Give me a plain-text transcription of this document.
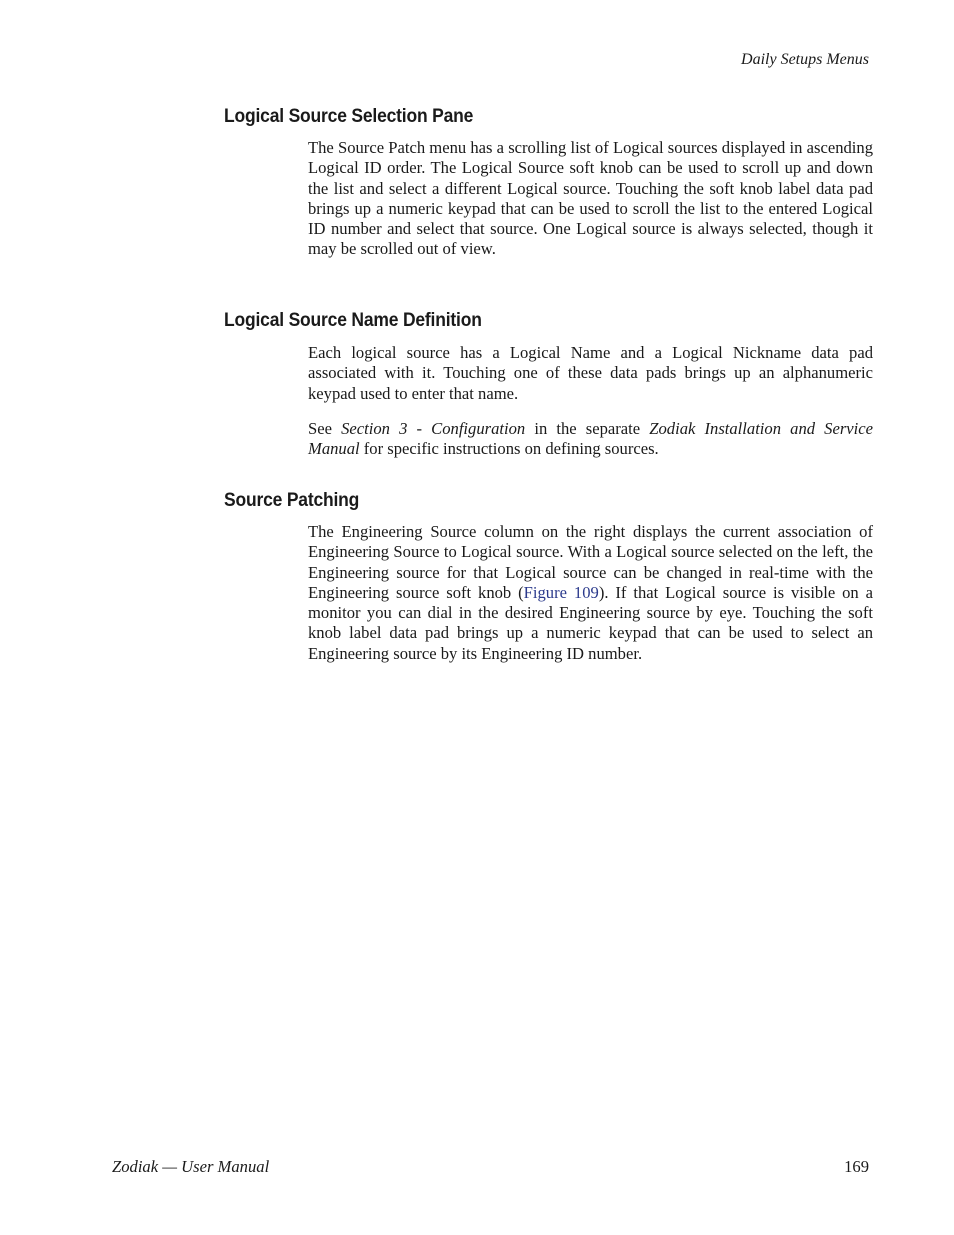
Daily Setups Menus
Logical Source Selection Pane

The Source Patch menu has a scrolling list of Logical sources displayed in ascending Logical ID order. The Logical Source soft knob can be used to scroll up and down the list and select a different Logical source. Touching the soft knob label data pad brings up a numeric keypad that can be used to scroll the list to the entered Logical ID number and select that source. One Logical source is always selected, though it may be scrolled out of view.

Logical Source Name Definition

Each logical source has a Logical Name and a Logical Nickname data pad associated with it. Touching one of these data pads brings up an alphanumeric keypad used to enter that name.

See Section 3 - Configuration in the separate Zodiak Installation and Service Manual for specific instructions on defining sources.

Source Patching

The Engineering Source column on the right displays the current association of Engineering Source to Logical source. With a Logical source selected on the left, the Engineering source for that Logical source can be changed in real-time with the Engineering source soft knob (Figure 109). If that Logical source is visible on a monitor you can dial in the desired Engineering source by eye. Touching the soft knob label data pad brings up a numeric keypad that can be used to select an Engineering source by its Engineering ID number.

Zodiak — User Manual	169
